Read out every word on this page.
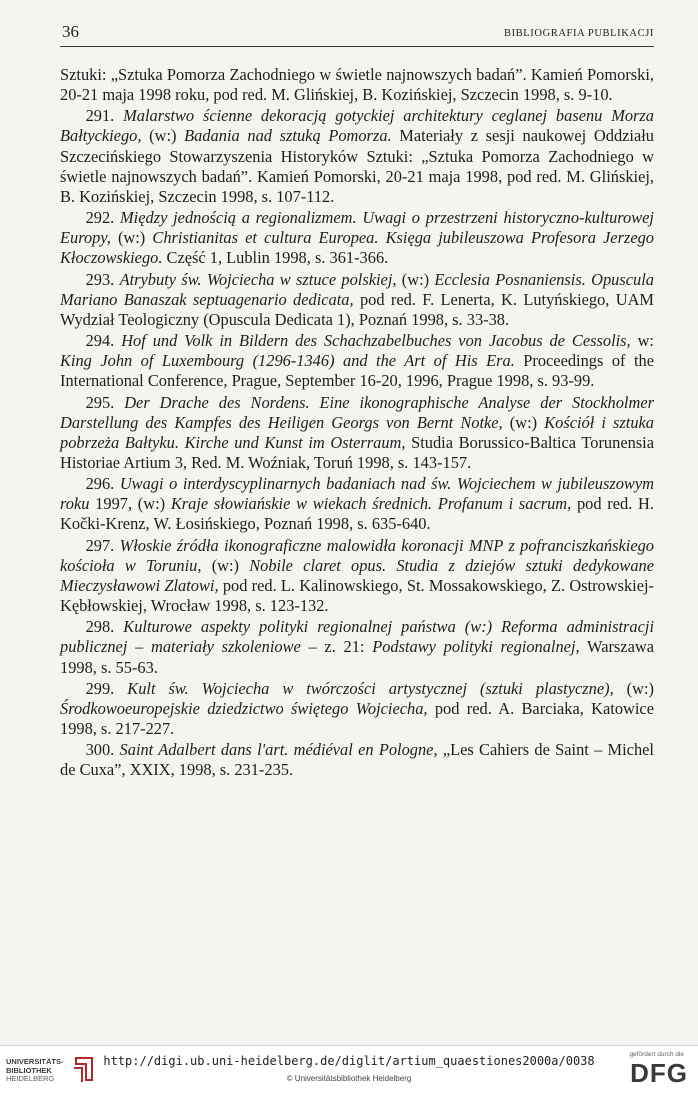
36	BIBLIOGRAFIA PUBLIKACJI

Sztuki: „Sztuka Pomorza Zachodniego w świetle najnowszych badań”. Kamień Pomorski, 20-21 maja 1998 roku, pod red. M. Glińskiej, B. Kozińskiej, Szczecin 1998, s. 9-10.

291. Malarstwo ścienne dekoracją gotyckiej architektury ceglanej basenu Morza Bałtyckiego, (w:) Badania nad sztuką Pomorza. Materiały z sesji naukowej Oddziału Szczecińskiego Stowarzyszenia Historyków Sztuki: „Sztuka Pomorza Zachodniego w świetle najnowszych badań”. Kamień Pomorski, 20-21 maja 1998, pod red. M. Glińskiej, B. Kozińskiej, Szczecin 1998, s. 107-112.

292. Między jednością a regionalizmem. Uwagi o przestrzeni historyczno-kulturowej Europy, (w:) Christianitas et cultura Europea. Księga jubileuszowa Profesora Jerzego Kłoczowskiego. Część 1, Lublin 1998, s. 361-366.

293. Atrybuty św. Wojciecha w sztuce polskiej, (w:) Ecclesia Posnaniensis. Opuscula Mariano Banaszak septuagenario dedicata, pod red. F. Lenerta, K. Lutyńskiego, UAM Wydział Teologiczny (Opuscula Dedicata 1), Poznań 1998, s. 33-38.

294. Hof und Volk in Bildern des Schachzabelbuches von Jacobus de Cessolis, w: King John of Luxembourg (1296-1346) and the Art of His Era. Proceedings of the International Conference, Prague, September 16-20, 1996, Prague 1998, s. 93-99.

295. Der Drache des Nordens. Eine ikonographische Analyse der Stockholmer Darstellung des Kampfes des Heiligen Georgs von Bernt Notke, (w:) Kościół i sztuka pobrzeża Bałtyku. Kirche und Kunst im Osterraum, Studia Borussico-Baltica Torunensia Historiae Artium 3, Red. M. Woźniak, Toruń 1998, s. 143-157.

296. Uwagi o interdyscyplinarnych badaniach nad św. Wojciechem w jubileuszowym roku 1997, (w:) Kraje słowiańskie w wiekach średnich. Profanum i sacrum, pod red. H. Kočki-Krenz, W. Łosińskiego, Poznań 1998, s. 635-640.

297. Włoskie źródła ikonograficzne malowidła koronacji MNP z pofranciszkańskiego kościoła w Toruniu, (w:) Nobile claret opus. Studia z dziejów sztuki dedykowane Mieczysławowi Zlatowi, pod red. L. Kalinowskiego, St. Mossakowskiego, Z. Ostrowskiej-Kębłowskiej, Wrocław 1998, s. 123-132.

298. Kulturowe aspekty polityki regionalnej państwa (w:) Reforma administracji publicznej – materiały szkoleniowe – z. 21: Podstawy polityki regionalnej, Warszawa 1998, s. 55-63.

299. Kult św. Wojciecha w twórczości artystycznej (sztuki plastyczne), (w:) Środkowoeuropejskie dziedzictwo świętego Wojciecha, pod red. A. Barciaka, Katowice 1998, s. 217-227.

300. Saint Adalbert dans l'art. médiéval en Pologne, „Les Cahiers de Saint – Michel de Cuxa”, XXIX, 1998, s. 231-235.

UNIVERSITÄTS-
BIBLIOTHEK
HEIDELBERG
http://digi.ub.uni-heidelberg.de/diglit/artium_quaestiones2000a/0038
© Universitätsbibliothek Heidelberg
gefördert durch die
DFG
